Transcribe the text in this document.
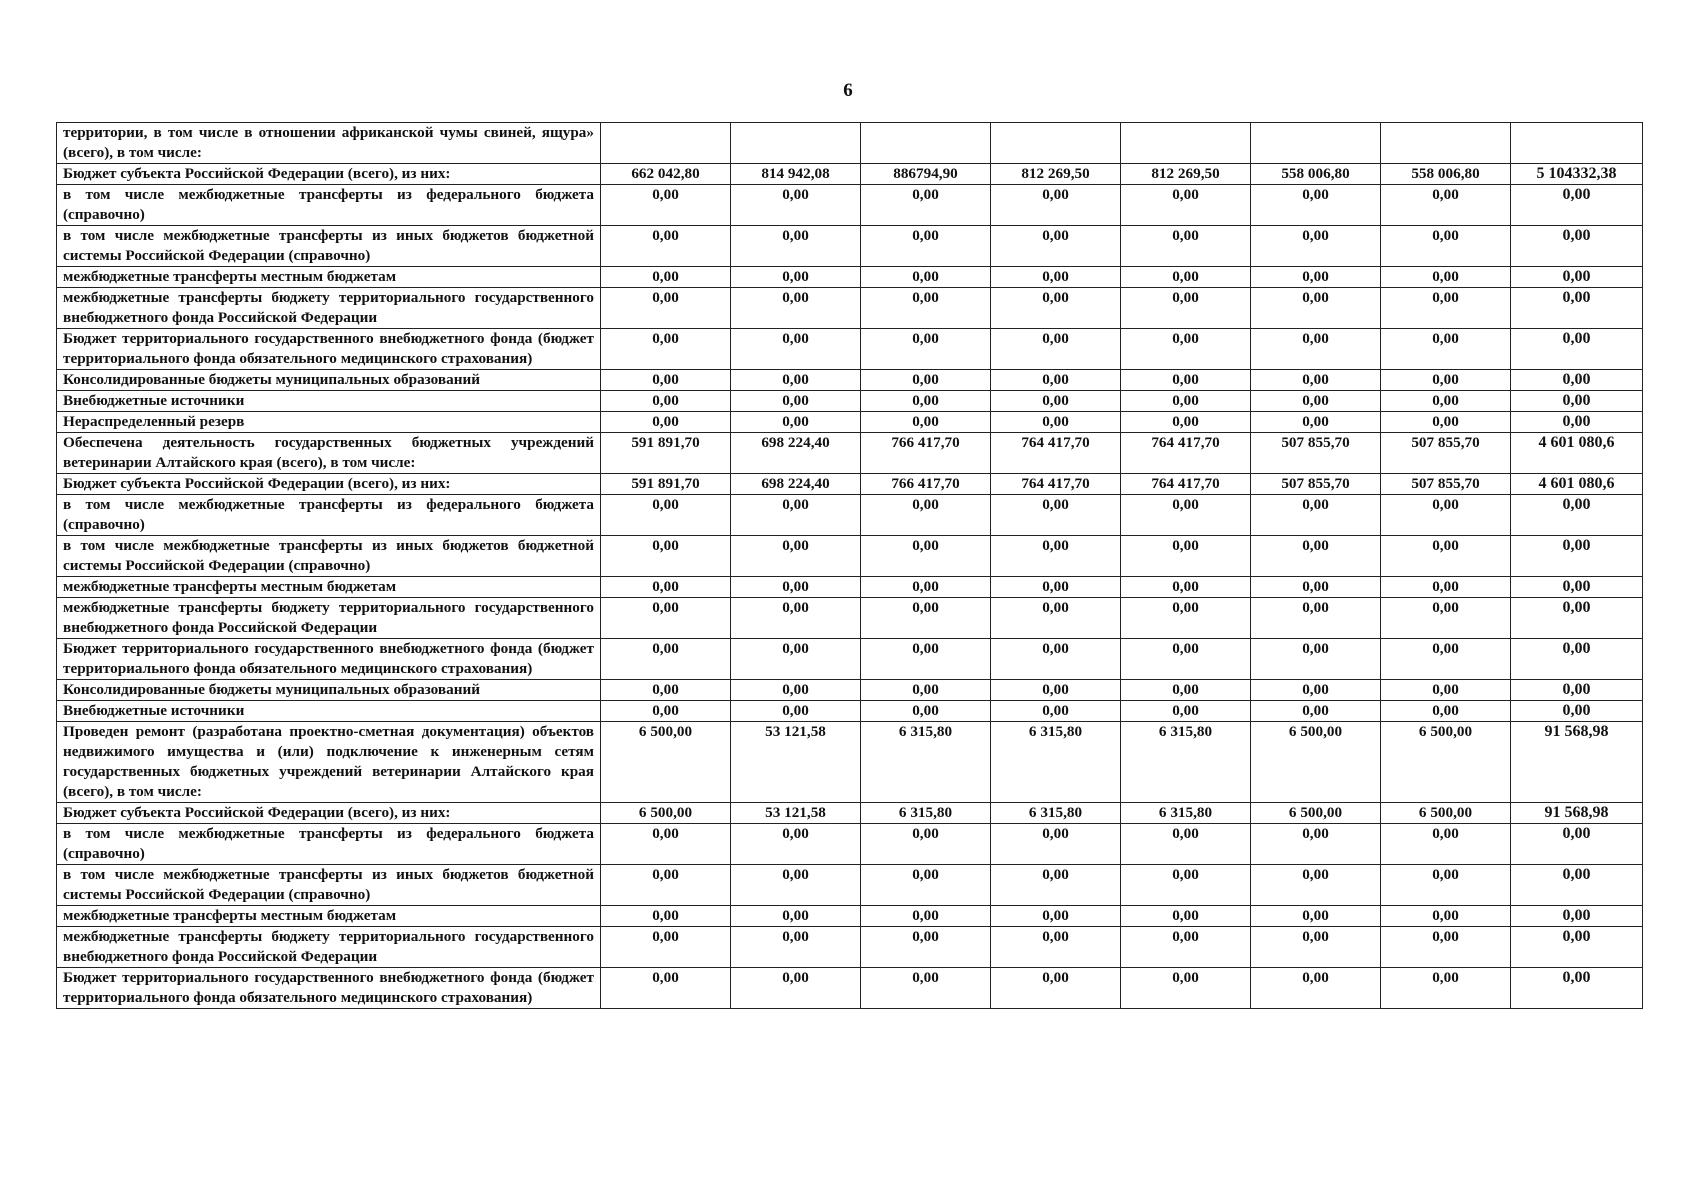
6
территории, в том числе в отношении африканской чумы свиней, ящура» (всего), в том числе:								
Бюджет субъекта Российской Федерации (всего), из них:	662 042,80	814 942,08	886794,90	812 269,50	812 269,50	558 006,80	558 006,80	5 104332,38
в том числе межбюджетные трансферты из федерального бюджета (справочно)	0,00	0,00	0,00	0,00	0,00	0,00	0,00	0,00
в том числе межбюджетные трансферты из иных бюджетов бюджетной системы Российской Федерации (справочно)	0,00	0,00	0,00	0,00	0,00	0,00	0,00	0,00
межбюджетные трансферты местным бюджетам	0,00	0,00	0,00	0,00	0,00	0,00	0,00	0,00
межбюджетные трансферты бюджету территориального государственного внебюджетного фонда Российской Федерации	0,00	0,00	0,00	0,00	0,00	0,00	0,00	0,00
Бюджет территориального государственного внебюджетного фонда (бюджет территориального фонда обязательного медицинского страхования)	0,00	0,00	0,00	0,00	0,00	0,00	0,00	0,00
Консолидированные бюджеты муниципальных образований	0,00	0,00	0,00	0,00	0,00	0,00	0,00	0,00
Внебюджетные источники	0,00	0,00	0,00	0,00	0,00	0,00	0,00	0,00
Нераспределенный резерв	0,00	0,00	0,00	0,00	0,00	0,00	0,00	0,00
Обеспечена деятельность государственных бюджетных учреждений ветеринарии Алтайского края (всего), в том числе:	591 891,70	698 224,40	766 417,70	764 417,70	764 417,70	507 855,70	507 855,70	4 601 080,6
Бюджет субъекта Российской Федерации (всего), из них:	591 891,70	698 224,40	766 417,70	764 417,70	764 417,70	507 855,70	507 855,70	4 601 080,6
в том числе межбюджетные трансферты из федерального бюджета (справочно)	0,00	0,00	0,00	0,00	0,00	0,00	0,00	0,00
в том числе межбюджетные трансферты из иных бюджетов бюджетной системы Российской Федерации (справочно)	0,00	0,00	0,00	0,00	0,00	0,00	0,00	0,00
межбюджетные трансферты местным бюджетам	0,00	0,00	0,00	0,00	0,00	0,00	0,00	0,00
межбюджетные трансферты бюджету территориального государственного внебюджетного фонда Российской Федерации	0,00	0,00	0,00	0,00	0,00	0,00	0,00	0,00
Бюджет территориального государственного внебюджетного фонда (бюджет территориального фонда обязательного медицинского страхования)	0,00	0,00	0,00	0,00	0,00	0,00	0,00	0,00
Консолидированные бюджеты муниципальных образований	0,00	0,00	0,00	0,00	0,00	0,00	0,00	0,00
Внебюджетные источники	0,00	0,00	0,00	0,00	0,00	0,00	0,00	0,00
Проведен ремонт (разработана проектно-сметная документация) объектов недвижимого имущества и (или) подключение к инженерным сетям государственных бюджетных учреждений ветеринарии Алтайского края (всего), в том числе:	6 500,00	53 121,58	6 315,80	6 315,80	6 315,80	6 500,00	6 500,00	91 568,98
Бюджет субъекта Российской Федерации (всего), из них:	6 500,00	53 121,58	6 315,80	6 315,80	6 315,80	6 500,00	6 500,00	91 568,98
в том числе межбюджетные трансферты из федерального бюджета (справочно)	0,00	0,00	0,00	0,00	0,00	0,00	0,00	0,00
в том числе межбюджетные трансферты из иных бюджетов бюджетной системы Российской Федерации (справочно)	0,00	0,00	0,00	0,00	0,00	0,00	0,00	0,00
межбюджетные трансферты местным бюджетам	0,00	0,00	0,00	0,00	0,00	0,00	0,00	0,00
межбюджетные трансферты бюджету территориального государственного внебюджетного фонда Российской Федерации	0,00	0,00	0,00	0,00	0,00	0,00	0,00	0,00
Бюджет территориального государственного внебюджетного фонда (бюджет территориального фонда обязательного медицинского страхования)	0,00	0,00	0,00	0,00	0,00	0,00	0,00	0,00
